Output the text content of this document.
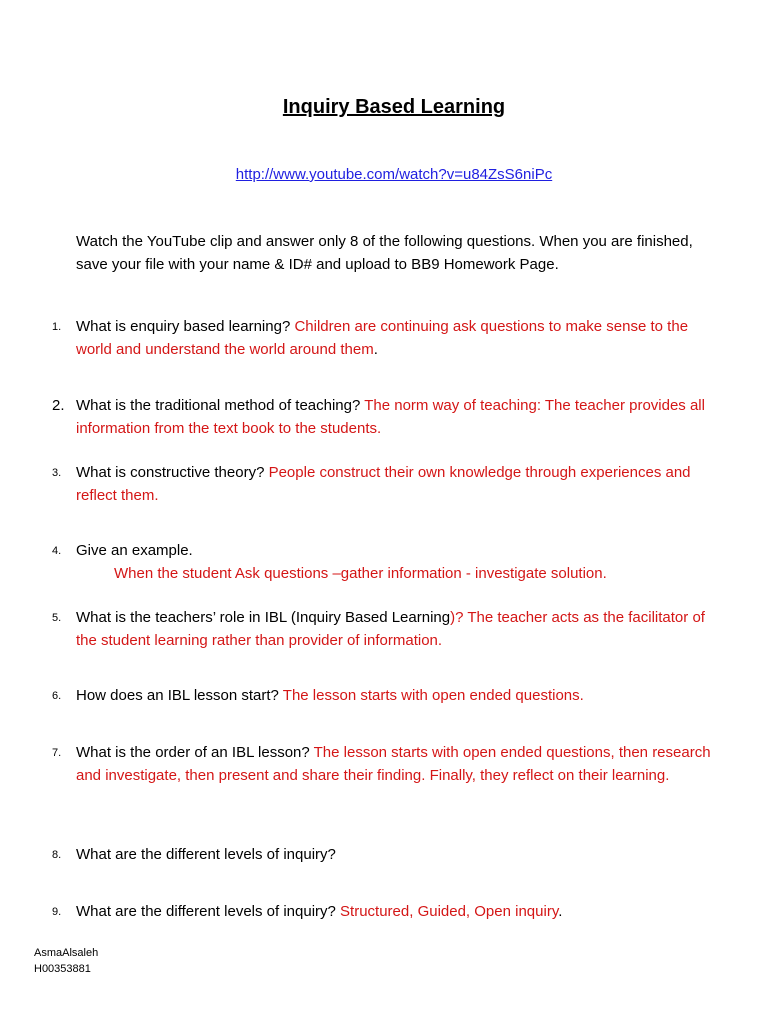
Inquiry Based Learning
http://www.youtube.com/watch?v=u84ZsS6niPc
Watch the YouTube clip and answer only 8 of the following questions. When you are finished, save your file with your name & ID# and upload to BB9 Homework Page.
1. What is enquiry based learning? Children are continuing ask questions to make sense to the world and understand the world around them.
2. What is the traditional method of teaching? The norm way of teaching: The teacher provides all information from the text book to the students.
3. What is constructive theory? People construct their own knowledge through experiences and reflect them.
4. Give an example.
When the student Ask questions –gather information - investigate solution.
5. What is the teachers’ role in IBL (Inquiry Based Learning)? The teacher acts as the facilitator of the student learning rather than provider of information.
6. How does an IBL lesson start? The lesson starts with open ended questions.
7. What is the order of an IBL lesson? The lesson starts with open ended questions, then research and investigate, then present and share their finding. Finally, they reflect on their learning.
8. What are the different levels of inquiry?
9. What are the different levels of inquiry? Structured, Guided, Open inquiry.
AsmaAlsaleh
H00353881
